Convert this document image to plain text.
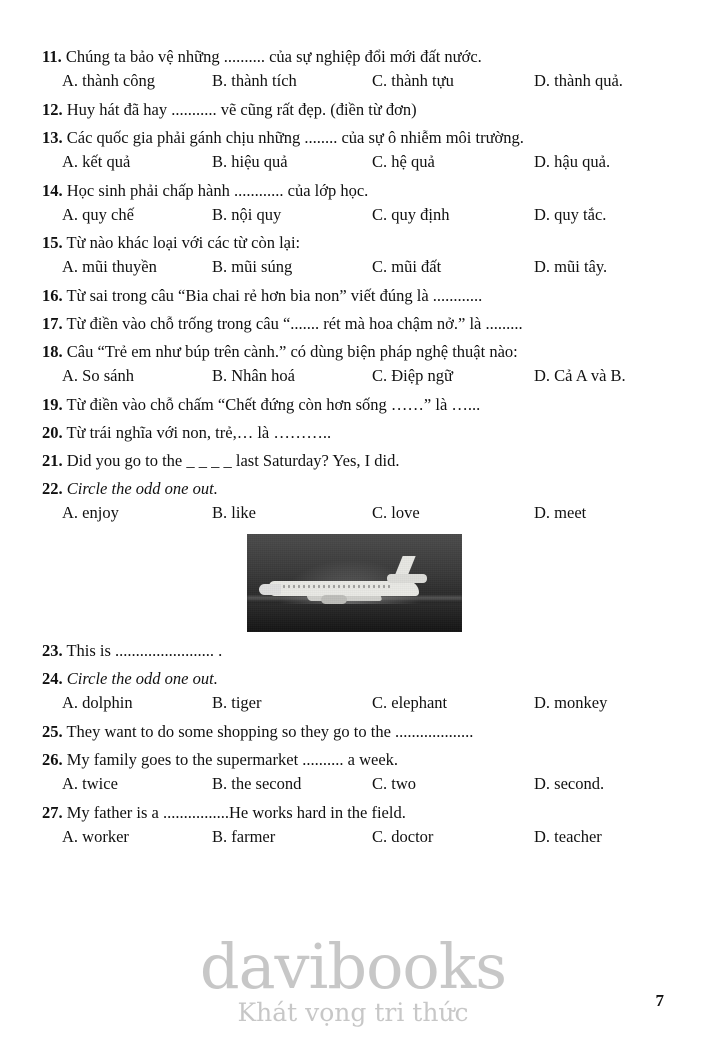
11. Chúng ta bảo vệ những .......... của sự nghiệp đổi mới đất nước.
A. thành công	B. thành tích	C. thành tựu	D. thành quả.
12. Huy hát đã hay ........... vẽ cũng rất đẹp. (điền từ đơn)
13. Các quốc gia phải gánh chịu những ........ của sự ô nhiễm môi trường.
A. kết quả	B. hiệu quả	C. hệ quả	D. hậu quả.
14. Học sinh phải chấp hành ............ của lớp học.
A. quy chế	B. nội quy	C. quy định	D. quy tắc.
15. Từ nào khác loại với các từ còn lại:
A. mũi thuyền	B. mũi súng	C. mũi đất	D. mũi tây.
16. Từ sai trong câu “Bia chai rẻ hơn bia non” viết đúng là ............
17. Từ điền vào chỗ trống trong câu “....... rét mà hoa chậm nở.” là .........
18. Câu “Trẻ em như búp trên cành.” có dùng biện pháp nghệ thuật nào:
A. So sánh	B. Nhân hoá	C. Điệp ngữ	D. Cả A và B.
19. Từ điền vào chỗ chấm “Chết đứng còn hơn sống ……” là …...
20. Từ trái nghĩa với non, trẻ,… là ………..
21. Did you go to the _ _ _ _ last Saturday? Yes, I did.
22. Circle the odd one out.
A. enjoy	B. like	C. love	D. meet
23. This is ........................ .
24. Circle the odd one out.
A. dolphin	B. tiger	C. elephant	D. monkey
25. They want to do some shopping so they go to the ...................
26. My family goes to the supermarket .......... a week.
A. twice	B. the second	C. two	D. second.
27. My father is a ................He works hard in the field.
A. worker	B. farmer	C. doctor	D. teacher
davibooks
Khát vọng tri thức	7
